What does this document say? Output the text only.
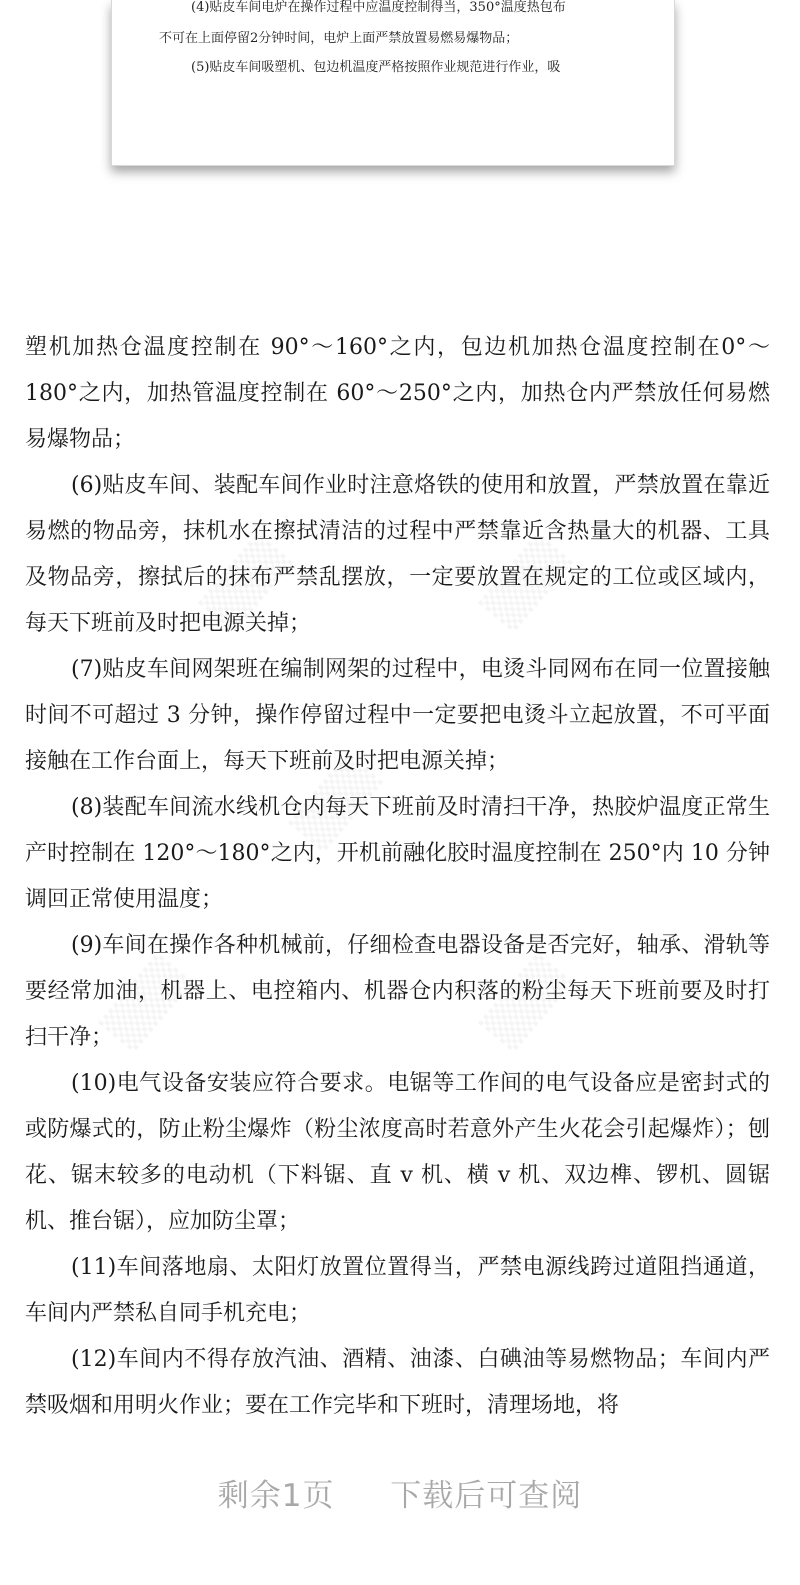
(4)贴皮车间电炉在操作过程中应温度控制得当，350°温度热包布
不可在上面停留2分钟时间，电炉上面严禁放置易燃易爆物品；
(5)贴皮车间吸塑机、包边机温度严格按照作业规范进行作业，吸
▒▒▒	▒▒▒
▒▒▒
▒▒▒	▒▒▒

塑机加热仓温度控制在 90°～160°之内，包边机加热仓温度控制在0°～180°之内，加热管温度控制在 60°～250°之内，加热仓内严禁放任何易燃易爆物品；

(6)贴皮车间、装配车间作业时注意烙铁的使用和放置，严禁放置在靠近易燃的物品旁，抹机水在擦拭清洁的过程中严禁靠近含热量大的机器、工具及物品旁，擦拭后的抹布严禁乱摆放，一定要放置在规定的工位或区域内，每天下班前及时把电源关掉；

(7)贴皮车间网架班在编制网架的过程中，电烫斗同网布在同一位置接触时间不可超过 3 分钟，操作停留过程中一定要把电烫斗立起放置，不可平面接触在工作台面上，每天下班前及时把电源关掉；

(8)装配车间流水线机仓内每天下班前及时清扫干净，热胶炉温度正常生产时控制在 120°～180°之内，开机前融化胶时温度控制在 250°内 10 分钟调回正常使用温度；

(9)车间在操作各种机械前，仔细检查电器设备是否完好，轴承、滑轨等要经常加油，机器上、电控箱内、机器仓内积落的粉尘每天下班前要及时打扫干净；

(10)电气设备安装应符合要求。电锯等工作间的电气设备应是密封式的或防爆式的，防止粉尘爆炸（粉尘浓度高时若意外产生火花会引起爆炸）；刨花、锯末较多的电动机（下料锯、直 v 机、横 v 机、双边榫、锣机、圆锯机、推台锯），应加防尘罩；

(11)车间落地扇、太阳灯放置位置得当，严禁电源线跨过道阻挡通道，车间内严禁私自同手机充电；

(12)车间内不得存放汽油、酒精、油漆、白碘油等易燃物品；车间内严禁吸烟和用明火作业；要在工作完毕和下班时，清理场地，将

剩余1页 下载后可查阅
